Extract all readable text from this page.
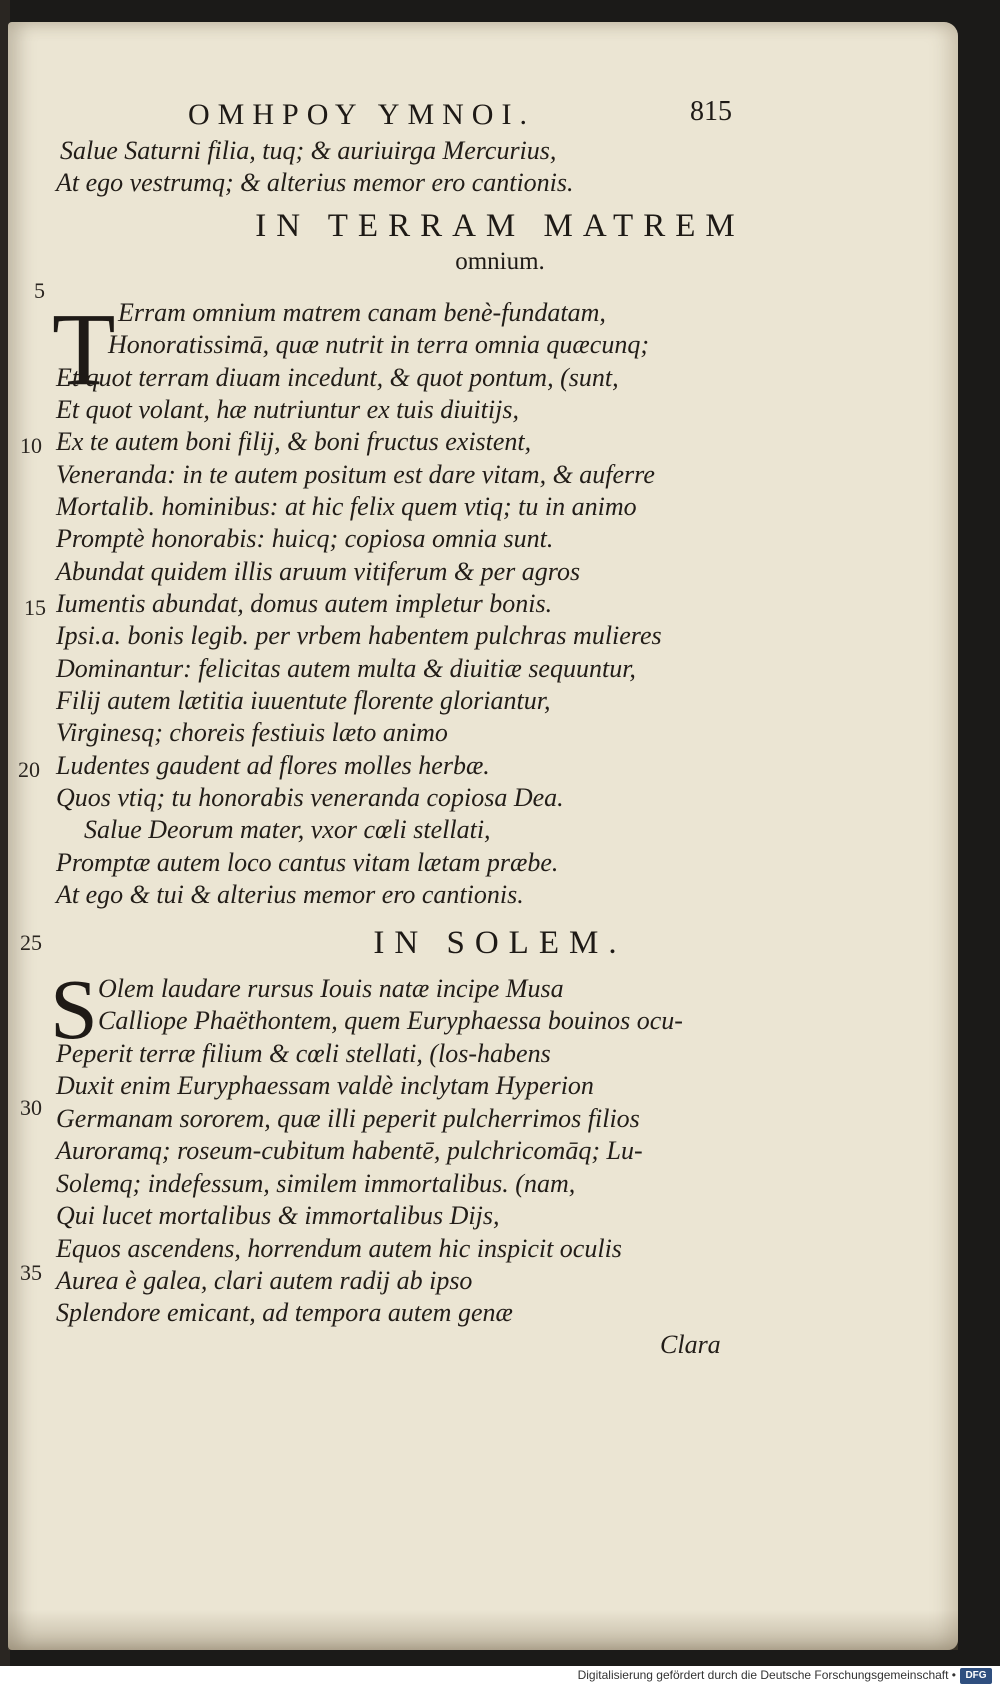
ΟΜΗΡΟΥ ΥΜΝΟΙ.	815
Salue Saturni filia, tuq; & auriuirga Mercurius,
At ego vestrumq; & alterius memor ero cantionis.
IN TERRAM MATREM
omnium.
5
T Erram omnium matrem canam benè-fundatam,
Honoratissimā, quæ nutrit in terra omnia quæcunq;
Et quot terram diuam incedunt, & quot pontum, (sunt,
Et quot volant, hæ nutriuntur ex tuis diuitijs,
10 Ex te autem boni filij, & boni fructus existent,
Veneranda: in te autem positum est dare vitam, & auferre
Mortalib. hominibus: at hic felix quem vtiq; tu in animo
Promptè honorabis: huicq; copiosa omnia sunt.
Abundat quidem illis aruum vitiferum & per agros
15 Iumentis abundat, domus autem impletur bonis.
Ipsi.a. bonis legib. per vrbem habentem pulchras mulieres
Dominantur: felicitas autem multa & diuitiæ sequuntur,
Filij autem lætitia iuuentute florente gloriantur,
Virginesq; choreis festiuis læto animo
20 Ludentes gaudent ad flores molles herbæ.
Quos vtiq; tu honorabis veneranda copiosa Dea.
Salue Deorum mater, vxor cœli stellati,
Promptæ autem loco cantus vitam lætam præbe.
At ego & tui & alterius memor ero cantionis.
25	IN SOLEM.
S Olem laudare rursus Iouis natæ incipe Musa
Calliope Phaëthontem, quem Euryphaessa bouinos ocu-
Peperit terræ filium & cœli stellati, (los-habens
30
Duxit enim Euryphaessam valdè inclytam Hyperion
Germanam sororem, quæ illi peperit pulcherrimos filios
Auroramq; roseum-cubitum habentē, pulchricomāq; Lu-
Solemq; indefessum, similem immortalibus. (nam,
Qui lucet mortalibus & immortalibus Dijs,
35
Equos ascendens, horrendum autem hic inspicit oculis
Aurea è galea, clari autem radij ab ipso
Splendore emicant, ad tempora autem genæ
Clara
Digitalisierung gefördert durch die Deutsche Forschungsgemeinschaft • DFG
